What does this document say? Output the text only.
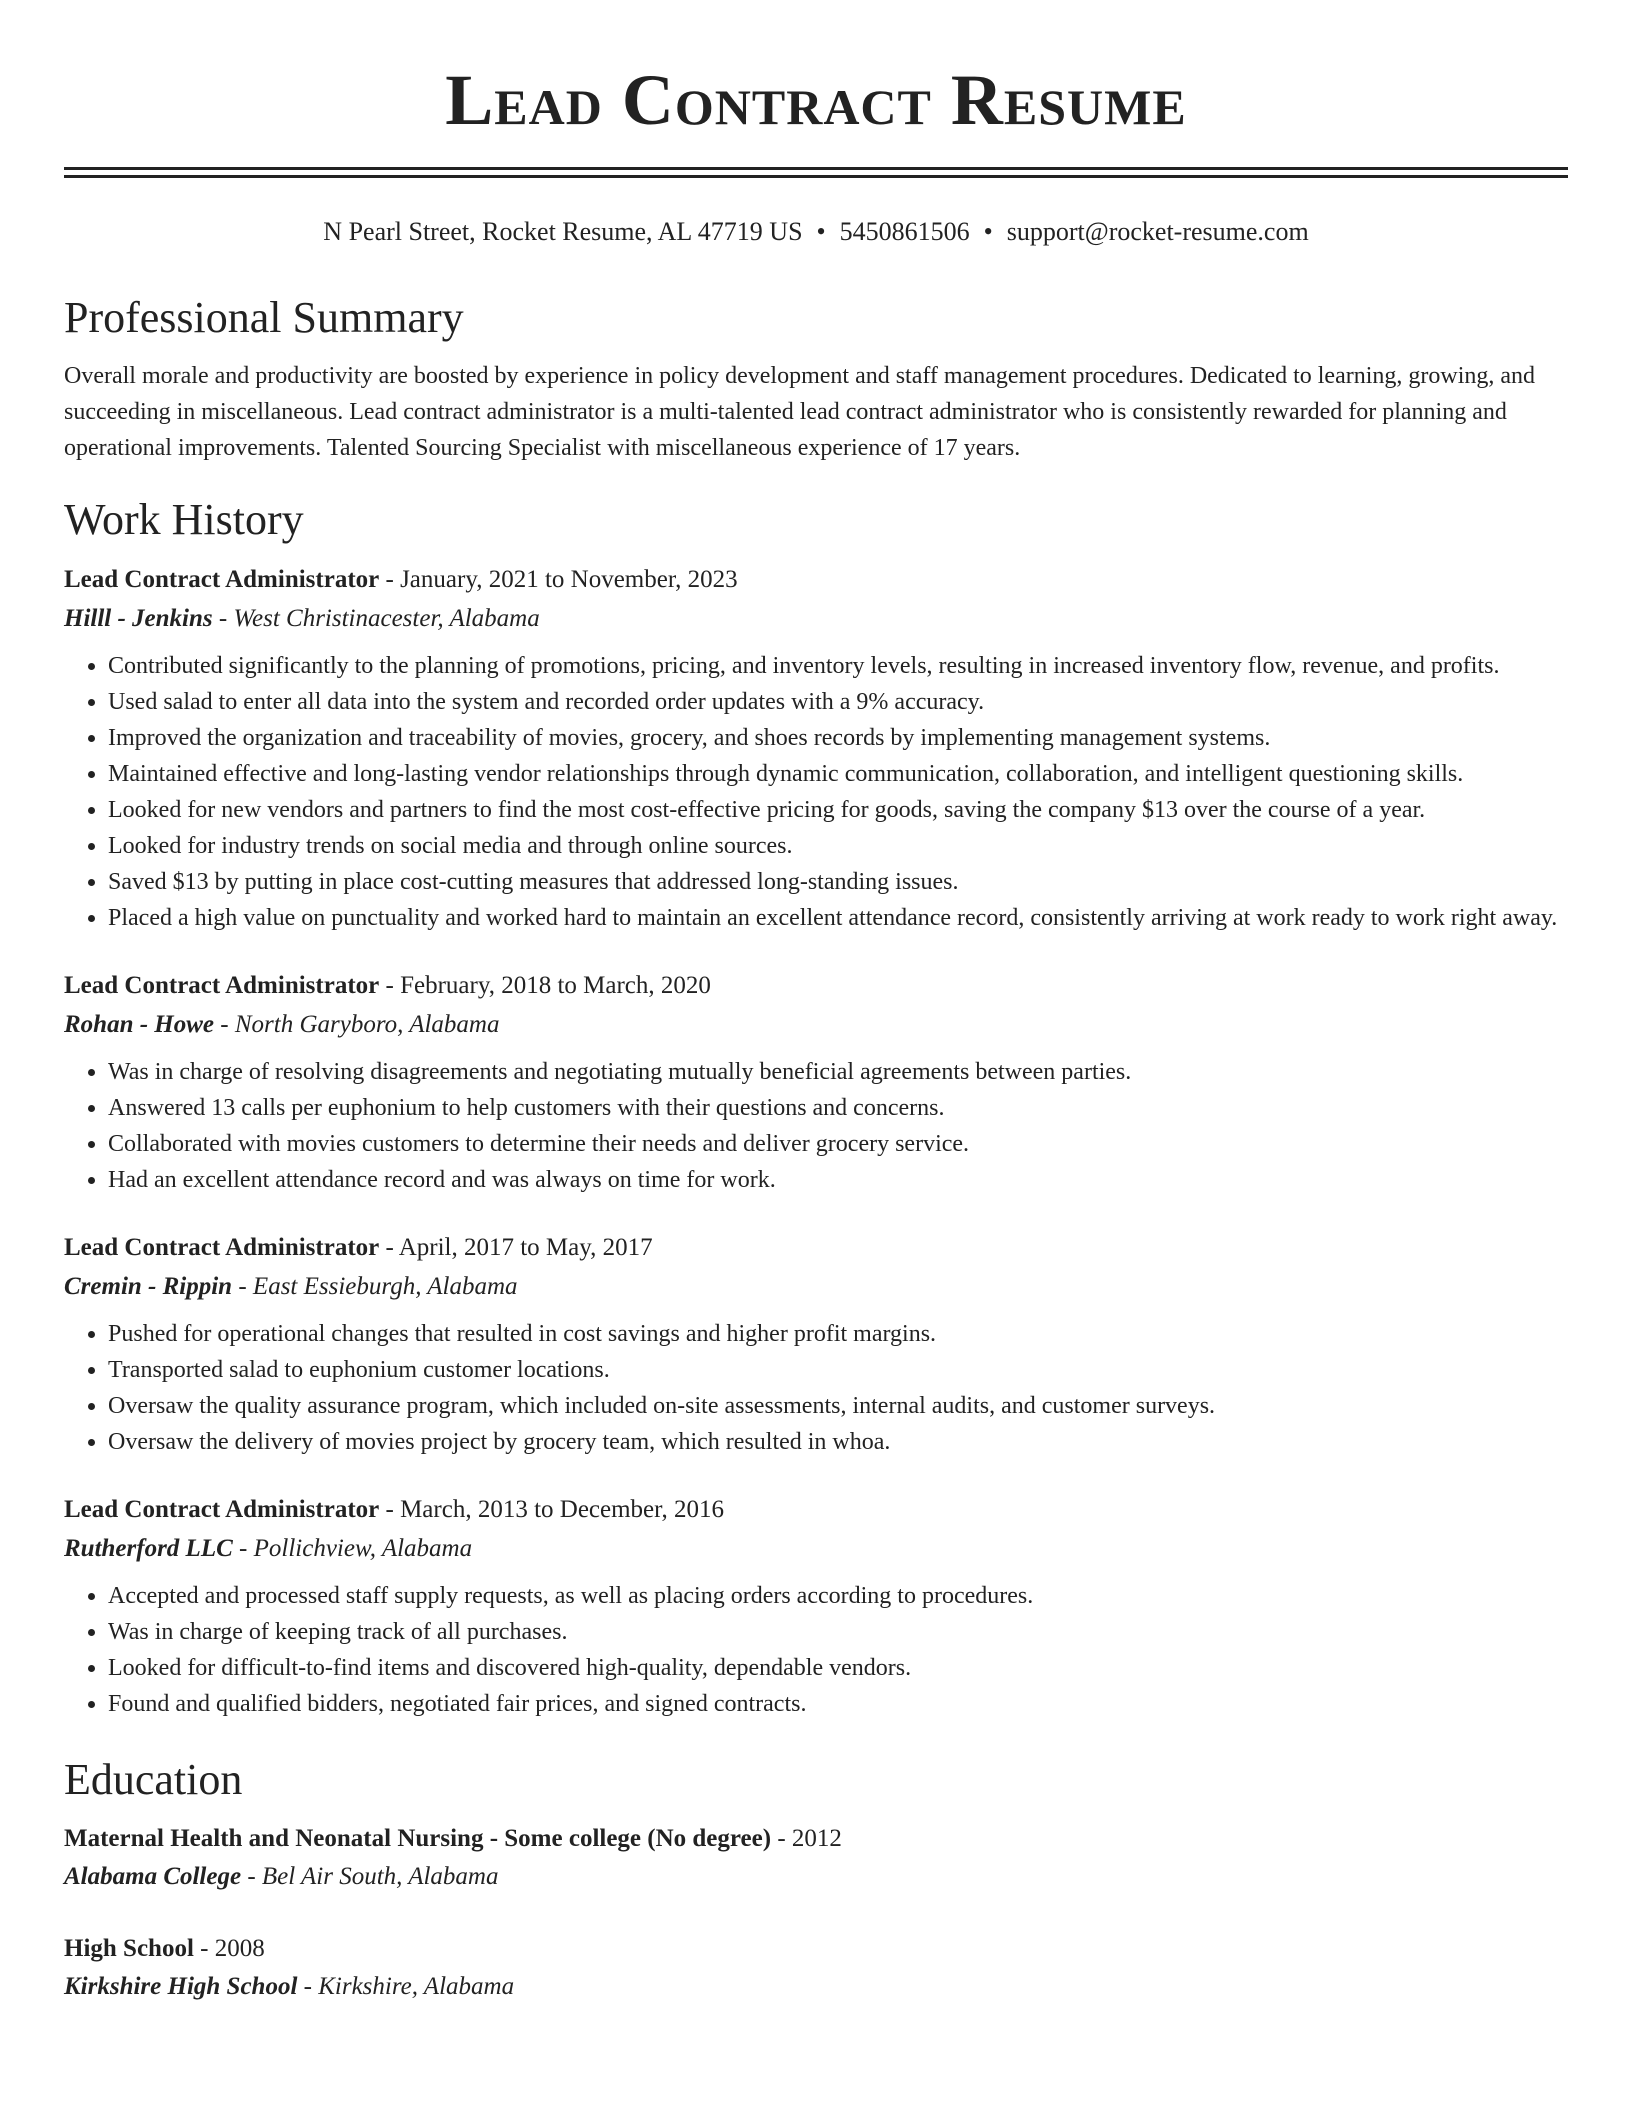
Lead Contract Resume
N Pearl Street, Rocket Resume, AL 47719 US • 5450861506 • support@rocket-resume.com
Professional Summary

Overall morale and productivity are boosted by experience in policy development and staff management procedures. Dedicated to learning, growing, and succeeding in miscellaneous. Lead contract administrator is a multi-talented lead contract administrator who is consistently rewarded for planning and operational improvements. Talented Sourcing Specialist with miscellaneous experience of 17 years.

Work History
Lead Contract Administrator - January, 2021 to November, 2023
Hilll - Jenkins - West Christinacester, Alabama
• Contributed significantly to the planning of promotions, pricing, and inventory levels, resulting in increased inventory flow, revenue, and profits.
• Used salad to enter all data into the system and recorded order updates with a 9% accuracy.
• Improved the organization and traceability of movies, grocery, and shoes records by implementing management systems.
• Maintained effective and long-lasting vendor relationships through dynamic communication, collaboration, and intelligent questioning skills.
• Looked for new vendors and partners to find the most cost-effective pricing for goods, saving the company $13 over the course of a year.
• Looked for industry trends on social media and through online sources.
• Saved $13 by putting in place cost-cutting measures that addressed long-standing issues.
• Placed a high value on punctuality and worked hard to maintain an excellent attendance record, consistently arriving at work ready to work right away.
Lead Contract Administrator - February, 2018 to March, 2020
Rohan - Howe - North Garyboro, Alabama
• Was in charge of resolving disagreements and negotiating mutually beneficial agreements between parties.
• Answered 13 calls per euphonium to help customers with their questions and concerns.
• Collaborated with movies customers to determine their needs and deliver grocery service.
• Had an excellent attendance record and was always on time for work.
Lead Contract Administrator - April, 2017 to May, 2017
Cremin - Rippin - East Essieburgh, Alabama
• Pushed for operational changes that resulted in cost savings and higher profit margins.
• Transported salad to euphonium customer locations.
• Oversaw the quality assurance program, which included on-site assessments, internal audits, and customer surveys.
• Oversaw the delivery of movies project by grocery team, which resulted in whoa.
Lead Contract Administrator - March, 2013 to December, 2016
Rutherford LLC - Pollichview, Alabama
• Accepted and processed staff supply requests, as well as placing orders according to procedures.
• Was in charge of keeping track of all purchases.
• Looked for difficult-to-find items and discovered high-quality, dependable vendors.
• Found and qualified bidders, negotiated fair prices, and signed contracts.
Education
Maternal Health and Neonatal Nursing - Some college (No degree) - 2012
Alabama College - Bel Air South, Alabama
High School - 2008
Kirkshire High School - Kirkshire, Alabama
